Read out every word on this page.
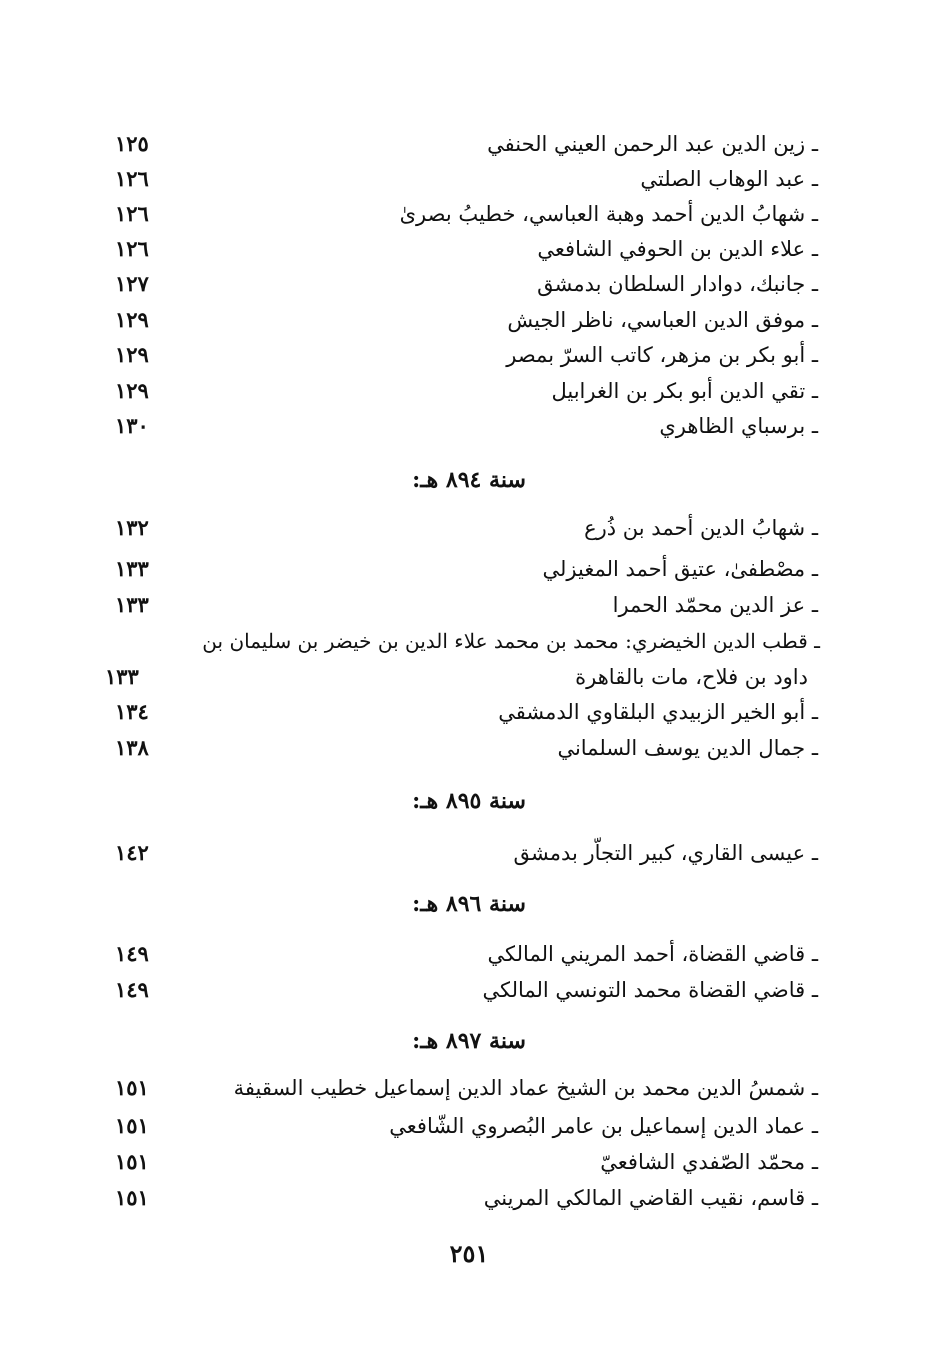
ـ زين الدين عبد الرحمن العيني الحنفي
١٢٥
ـ عبد الوهاب الصلتي
١٢٦
ـ شهابُ الدين أحمد وهبة العباسي، خطيبُ بصرىٰ
١٢٦
ـ علاء الدين بن الحوفي الشافعي
١٢٦
ـ جانبك، دوادار السلطان بدمشق
١٢٧
ـ موفق الدين العباسي، ناظر الجيش
١٢٩
ـ أبو بكر بن مزهر، كاتب السرّ بمصر
١٢٩
ـ تقي الدين أبو بكر بن الغرابيل
١٢٩
ـ برسباي الظاهري
١٣٠
سنة ٨٩٤ هـ:
ـ شهابُ الدين أحمد بن ذُرع
١٣٢
ـ مصْطفىٰ، عتيق أحمد المغيزلي
١٣٣
ـ عز الدين محمّد الحمرا
١٣٣
ـ قطب الدين الخيضري: محمد بن محمد علاء الدين بن خيضر بن سليمان بن
داود بن فلاح، مات بالقاهرة
١٣٣
ـ أبو الخير الزبيدي البلقاوي الدمشقي
١٣٤
ـ جمال الدين يوسف السلماني
١٣٨
سنة ٨٩٥ هـ:
ـ عيسى القاري، كبير التجاّر بدمشق
١٤٢
سنة ٨٩٦ هـ:
ـ قاضي القضاة، أحمد المريني المالكي
١٤٩
ـ قاضي القضاة محمد التونسي المالكي
١٤٩
سنة ٨٩٧ هـ:
ـ شمسُ الدين محمد بن الشيخ عماد الدين إسماعيل خطيب السقيفة
١٥١
ـ عماد الدين إسماعيل بن عامر البُصروي الشّافعي
١٥١
ـ محمّد الصّفدي الشافعيّ
١٥١
ـ قاسم، نقيب القاضي المالكي المريني
١٥١
٢٥١
